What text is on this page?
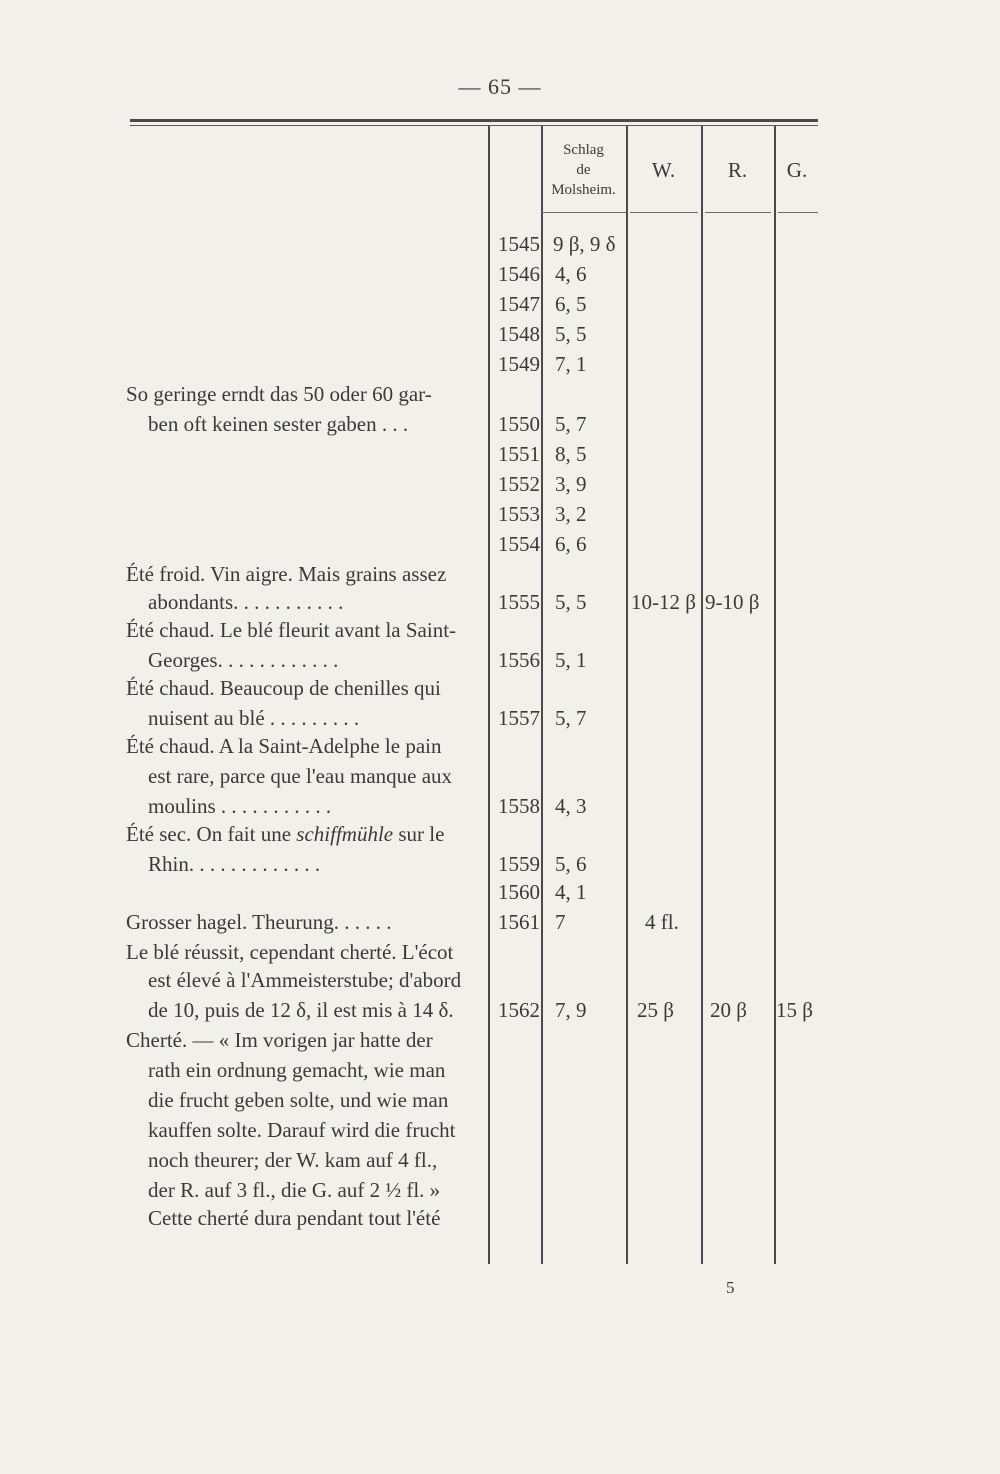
— 65 —
Schlag
de
Molsheim.
W.	R.	G.
1545
1546
1547
1548
1549
1550
1551
1552
1553
1554
1555
1556
1557
1558
1559
1560
1561
1562
9 β, 9 δ
4, 6
6, 5
5, 5
7, 1
5, 7
8, 5
3, 9
3, 2
6, 6
5, 5
5, 1
5, 7
4, 3
5, 6
4, 1
7
7, 9
10-12 β 9-10 β
4 fl.
25 β 20 β 15 β
So geringe erndt das 50 oder 60 gar-
ben oft keinen sester gaben . . .
Été froid. Vin aigre. Mais grains assez
abondants. . . . . . . . . . .
Été chaud. Le blé fleurit avant la Saint-
Georges. . . . . . . . . . . .
Été chaud. Beaucoup de chenilles qui
nuisent au blé . . . . . . . . .
Été chaud. A la Saint-Adelphe le pain
est rare, parce que l'eau manque aux
moulins . . . . . . . . . . .
Été sec. On fait une schiffmühle sur le
Rhin. . . . . . . . . . . . .
Grosser hagel. Theurung. . . . . .
Le blé réussit, cependant cherté. L'écot
est élevé à l'Ammeisterstube; d'abord
de 10, puis de 12 δ, il est mis à 14 δ.
Cherté. — « Im vorigen jar hatte der
rath ein ordnung gemacht, wie man
die frucht geben solte, und wie man
kauffen solte. Darauf wird die frucht
noch theurer; der W. kam auf 4 fl.,
der R. auf 3 fl., die G. auf 2 ½ fl. »
Cette cherté dura pendant tout l'été
5
